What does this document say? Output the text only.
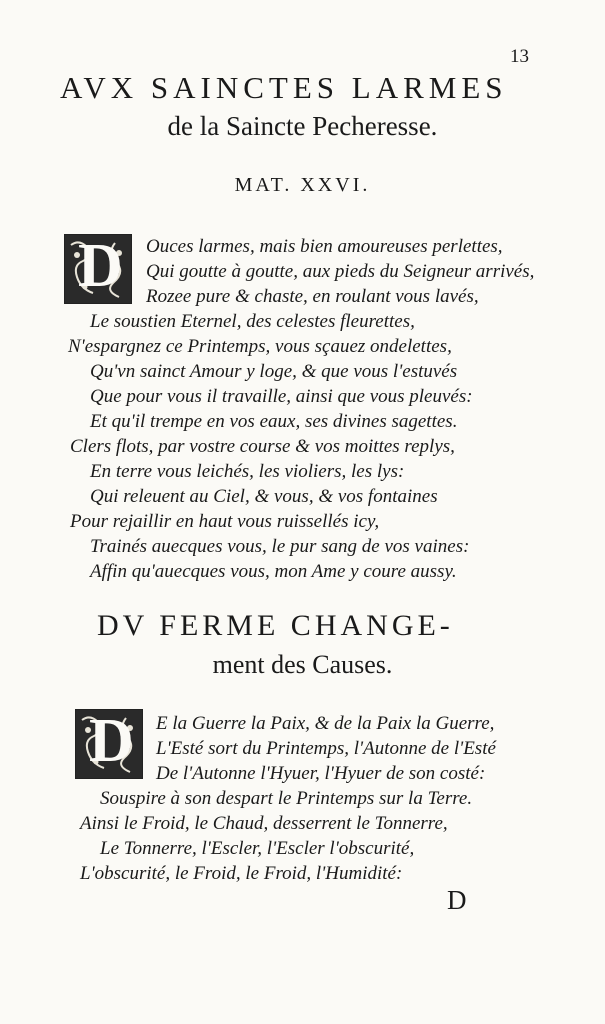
13
AVX SAINCTES LARMES
de la Saincte Pecheresse.
MAT. XXVI.
D Ouces larmes, mais bien amoureuses perlettes,
Qui goutte à goutte, aux pieds du Seigneur arrivés,
Rozee pure & chaste, en roulant vous lavés,
Le soustien Eternel, des celestes fleurettes,
N'espargnez ce Printemps, vous sçauez ondelettes,
Qu'vn sainct Amour y loge, & que vous l'estuvés
Que pour vous il travaille, ainsi que vous pleuvés:
Et qu'il trempe en vos eaux, ses divines sagettes.
Clers flots, par vostre course & vos moittes replys,
En terre vous leichés, les violiers, les lys:
Qui releuent au Ciel, & vous, & vos fontaines
Pour rejaillir en haut vous ruissellés icy,
Trainés auecques vous, le pur sang de vos vaines:
Affin qu'auecques vous, mon Ame y coure aussy.
DV FERME CHANGE-
ment des Causes.
D E la Guerre la Paix, & de la Paix la Guerre,
L'Esté sort du Printemps, l'Autonne de l'Esté
De l'Autonne l'Hyuer, l'Hyuer de son costé:
Souspire à son despart le Printemps sur la Terre.
Ainsi le Froid, le Chaud, desserrent le Tonnerre,
Le Tonnerre, l'Escler, l'Escler l'obscurité,
L'obscurité, le Froid, le Froid, l'Humidité:
D
